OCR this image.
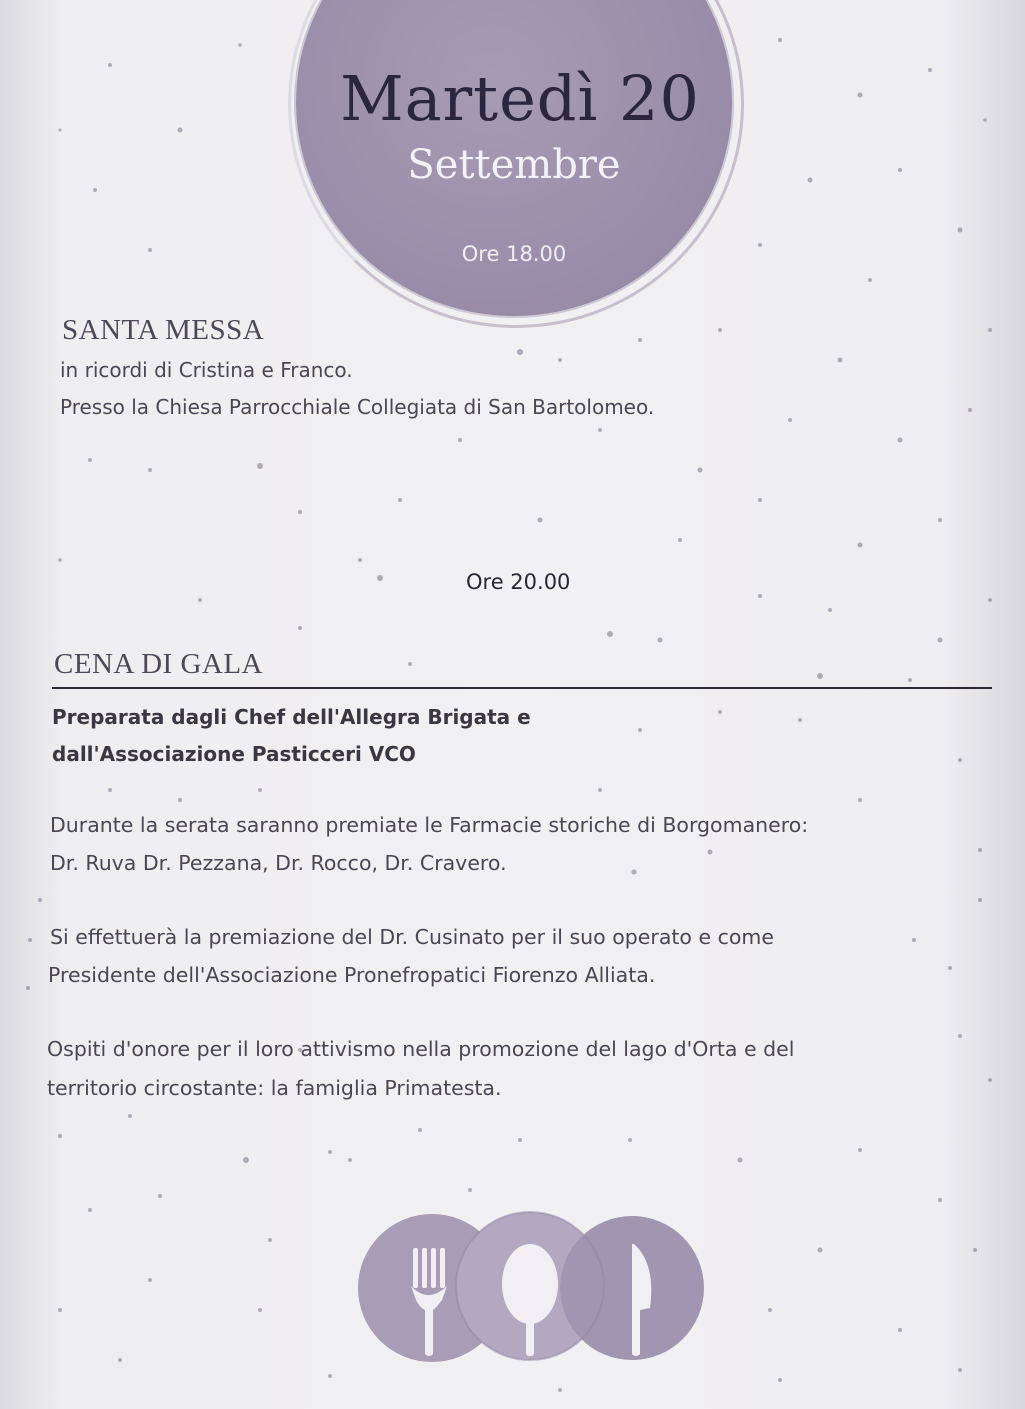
Martedì 20
Settembre
Ore 18.00
SANTA MESSA

in ricordi di Cristina e Franco.

Presso la Chiesa Parrocchiale Collegiata di San Bartolomeo.

Ore 20.00
CENA DI GALA
Preparata dagli Chef dell'Allegra Brigata e
dall'Associazione Pasticceri VCO
Durante la serata saranno premiate le Farmacie storiche di Borgomanero:
Dr. Ruva Dr. Pezzana, Dr. Rocco, Dr. Cravero.
Si effettuerà la premiazione del Dr. Cusinato per il suo operato e come
Presidente dell'Associazione Pronefropatici Fiorenzo Alliata.
Ospiti d'onore per il loro attivismo nella promozione del lago d'Orta e del
territorio circostante: la famiglia Primatesta.
